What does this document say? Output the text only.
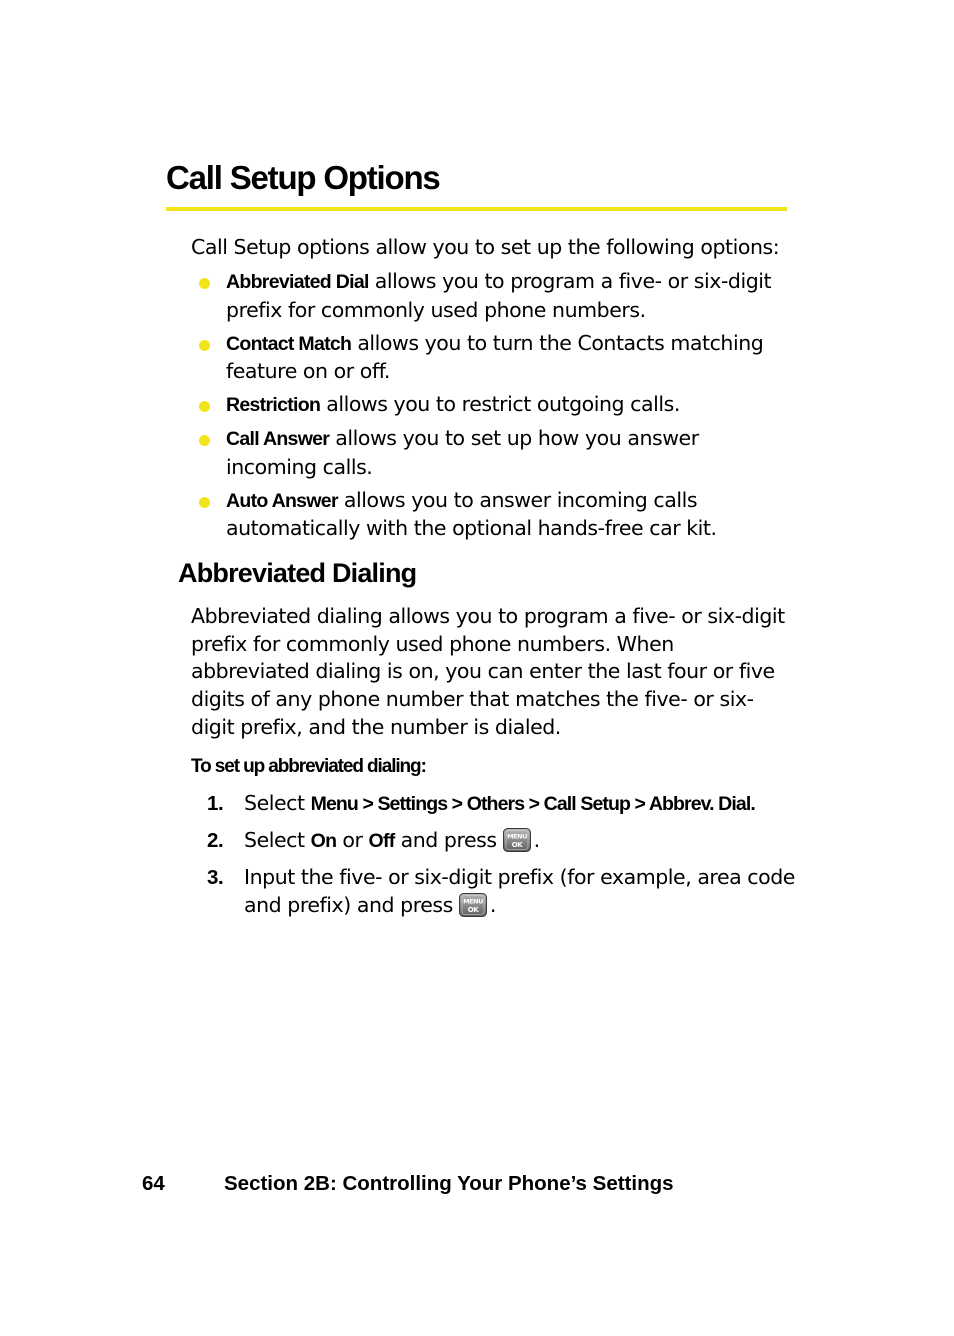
Call Setup Options

Call Setup options allow you to set up the following options:

Abbreviated Dial allows you to program a five- or six-digit prefix for commonly used phone numbers.
Contact Match allows you to turn the Contacts matching feature on or off.
Restriction allows you to restrict outgoing calls.
Call Answer allows you to set up how you answer incoming calls.
Auto Answer allows you to answer incoming calls automatically with the optional hands-free car kit.
Abbreviated Dialing

Abbreviated dialing allows you to program a five- or six-digit prefix for commonly used phone numbers. When abbreviated dialing is on, you can enter the last four or five digits of any phone number that matches the five- or six-digit prefix, and the number is dialed.

To set up abbreviated dialing:

1. Select Menu > Settings > Others > Call Setup > Abbrev. Dial.
2. Select On or Off and press MENU
OK .
3. Input the five- or six-digit prefix (for example, area code and prefix) and press MENU
OK .

64	Section 2B: Controlling Your Phone’s Settings
